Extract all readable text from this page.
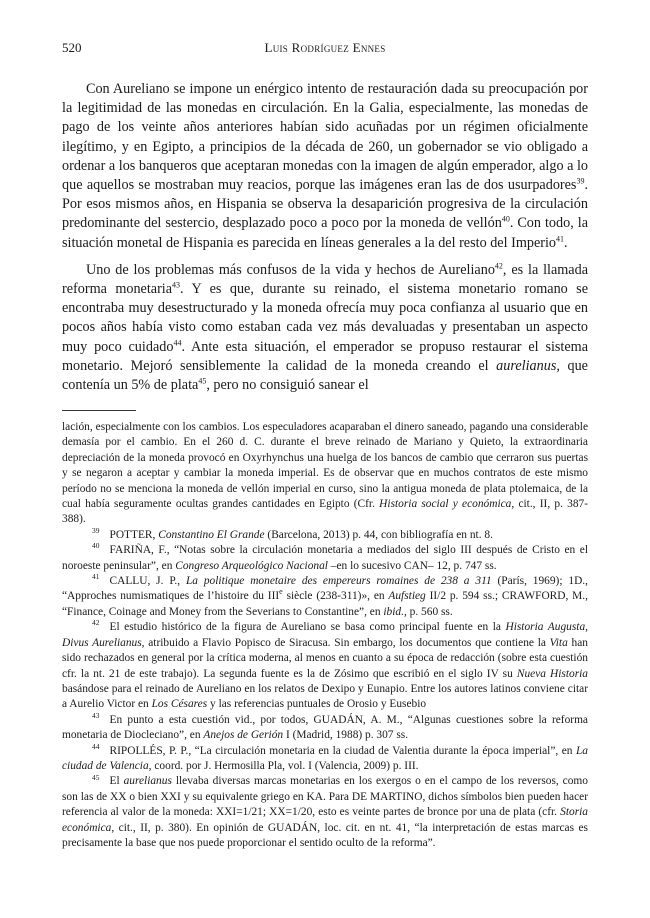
520	Luis Rodríguez Ennes

Con Aureliano se impone un enérgico intento de restauración dada su preocupación por la legitimidad de las monedas en circulación. En la Galia, especialmente, las monedas de pago de los veinte años anteriores habían sido acuñadas por un régimen oficialmente ilegítimo, y en Egipto, a principios de la década de 260, un gobernador se vio obligado a ordenar a los banqueros que aceptaran monedas con la imagen de algún emperador, algo a lo que aquellos se mostraban muy reacios, porque las imágenes eran las de dos usurpadores$^{39}$. Por esos mismos años, en Hispania se observa la desaparición progresiva de la circulación predominante del sestercio, desplazado poco a poco por la moneda de vellón$^{40}$. Con todo, la situación monetal de Hispania es parecida en líneas generales a la del resto del Imperio$^{41}$.

Uno de los problemas más confusos de la vida y hechos de Aureliano$^{42}$, es la llamada reforma monetaria$^{43}$. Y es que, durante su reinado, el sistema monetario romano se encontraba muy desestructurado y la moneda ofrecía muy poca confianza al usuario que en pocos años había visto como estaban cada vez más devaluadas y presentaban un aspecto muy poco cuidado$^{44}$. Ante esta situación, el emperador se propuso restaurar el sistema monetario. Mejoró sensiblemente la calidad de la moneda creando el aurelianus, que contenía un 5% de plata$^{45}$, pero no consiguió sanear el

lación, especialmente con los cambios. Los especuladores acaparaban el dinero saneado, pagando una considerable demasía por el cambio. En el 260 d. C. durante el breve reinado de Mariano y Quieto, la extraordinaria depreciación de la moneda provocó en Oxyrhynchus una huelga de los bancos de cambio que cerraron sus puertas y se negaron a aceptar y cambiar la moneda imperial. Es de observar que en muchos contratos de este mismo período no se menciona la moneda de vellón imperial en curso, sino la antigua moneda de plata ptolemaica, de la cual había seguramente ocultas grandes cantidades en Egipto (Cfr. Historia social y económica, cit., II, p. 387-388).

$^{39}$ POTTER, Constantino El Grande (Barcelona, 2013) p. 44, con bibliografía en nt. 8.

$^{40}$ FARIÑA, F., “Notas sobre la circulación monetaria a mediados del siglo III después de Cristo en el noroeste peninsular”, en Congreso Arqueológico Nacional –en lo sucesivo CAN– 12, p. 747 ss.

$^{41}$ CALLU, J. P., La politique monetaire des empereurs romaines de 238 a 311 (París, 1969); 1D., “Approches numismatiques de l’histoire du IIIe siècle (238-311)», en Aufstieg II/2 p. 594 ss.; CRAWFORD, M., “Finance, Coinage and Money from the Severians to Constantine”, en ibid., p. 560 ss.

$^{42}$ El estudio histórico de la figura de Aureliano se basa como principal fuente en la Historia Augusta, Divus Aurelianus, atribuido a Flavio Popisco de Siracusa. Sin embargo, los documentos que contiene la Vita han sido rechazados en general por la crítica moderna, al menos en cuanto a su época de redacción (sobre esta cuestión cfr. la nt. 21 de este trabajo). La segunda fuente es la de Zósimo que escribió en el siglo IV su Nueva Historia basándose para el reinado de Aureliano en los relatos de Dexipo y Eunapio. Entre los autores latinos conviene citar a Aurelio Victor en Los Césares y las referencias puntuales de Orosio y Eusebio

$^{43}$ En punto a esta cuestión vid., por todos, GUADÁN, A. M., “Algunas cuestiones sobre la reforma monetaria de Diocleciano”, en Anejos de Gerión I (Madrid, 1988) p. 307 ss.

$^{44}$ RIPOLLÉS, P. P., “La circulación monetaria en la ciudad de Valentia durante la época imperial”, en La ciudad de Valencia, coord. por J. Hermosilla Pla, vol. I (Valencia, 2009) p. III.

$^{45}$ El aurelianus llevaba diversas marcas monetarias en los exergos o en el campo de los reversos, como son las de XX o bien XXI y su equivalente griego en KA. Para DE MARTINO, dichos símbolos bien pueden hacer referencia al valor de la moneda: XXI=1/21; XX=1/20, esto es veinte partes de bronce por una de plata (cfr. Storia económica, cit., II, p. 380). En opinión de GUADÁN, loc. cit. en nt. 41, “la interpretación de estas marcas es precisamente la base que nos puede proporcionar el sentido oculto de la reforma”.
